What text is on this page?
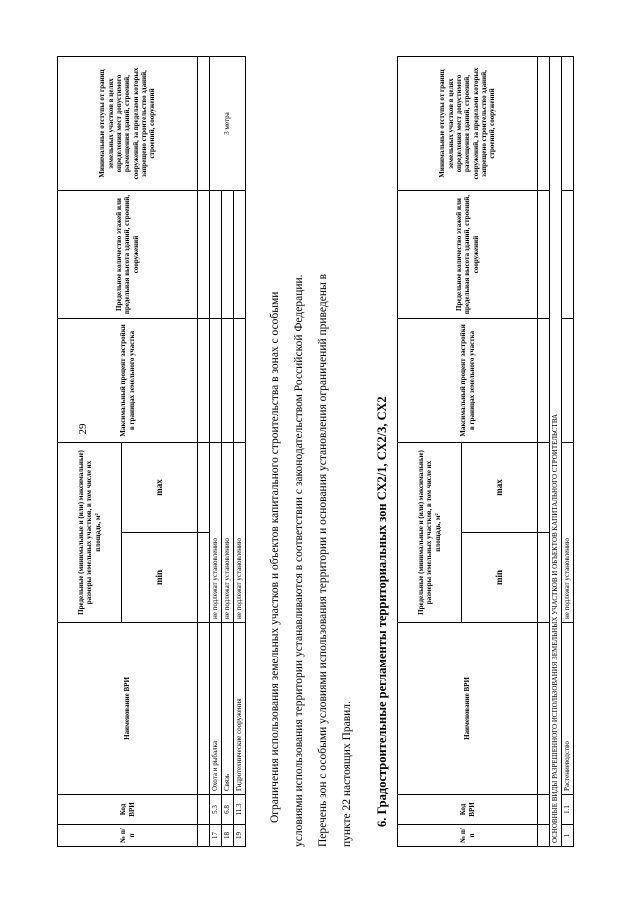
29
№ п/п	Код ВРИ	Наименование ВРИ	Предельные (минимальные и (или) максимальные) размеры земельных участков, в том числе их площадь, м²		Максимальный процент застройки в границах земельного участка	Предельное количество этажей или предельная высота зданий, строений, сооружений	Минимальные отступы от границ земельных участков в целях определения мест допустимого размещения зданий, строений, сооружений, за пределами которых запрещено строительство зданий, строений, сооружений
			min	max			

17	5.3	Охота и рыбалка	не подлежат установлению				3 метра
18	6.8	Связь	не подлежат установлению				
19	11.3	Гидротехнические сооружения	не подлежат установлению					Ограничения использования земельных участков и объектов капитального строительства в зонах с особыми	условиями использования территории устанавливаются в соответствии с законодательством Российской Федерации.	Перечень зон с особыми условиями использования территории и основания установления ограничений приведены в	пункте 22 настоящих Правил.	6. Градостроительные регламенты территориальных зон СХ2/1, СХ2/3, СХ2

№ п/п	Код ВРИ	Наименование ВРИ	Предельные (минимальные и (или) максимальные) размеры земельных участков, в том числе их площадь, м²		Максимальный процент застройки в границах земельного участка	Предельное количество этажей или предельная высота зданий, строений, сооружений	Минимальные отступы от границ земельных участков в целях определения мест допустимого размещения зданий, строений, сооружений, за пределами которых запрещено строительство зданий, строений, сооружений
			min	max			

ОСНОВНЫЕ ВИДЫ РАЗРЕШЕННОГО ИСПОЛЬЗОВАНИЯ ЗЕМЕЛЬНЫХ УЧАСТКОВ И ОБЪЕКТОВ КАПИТАЛЬНОГО СТРОИТЕЛЬСТВА							
1	1.1	Растениеводство	не подлежат установлению				
